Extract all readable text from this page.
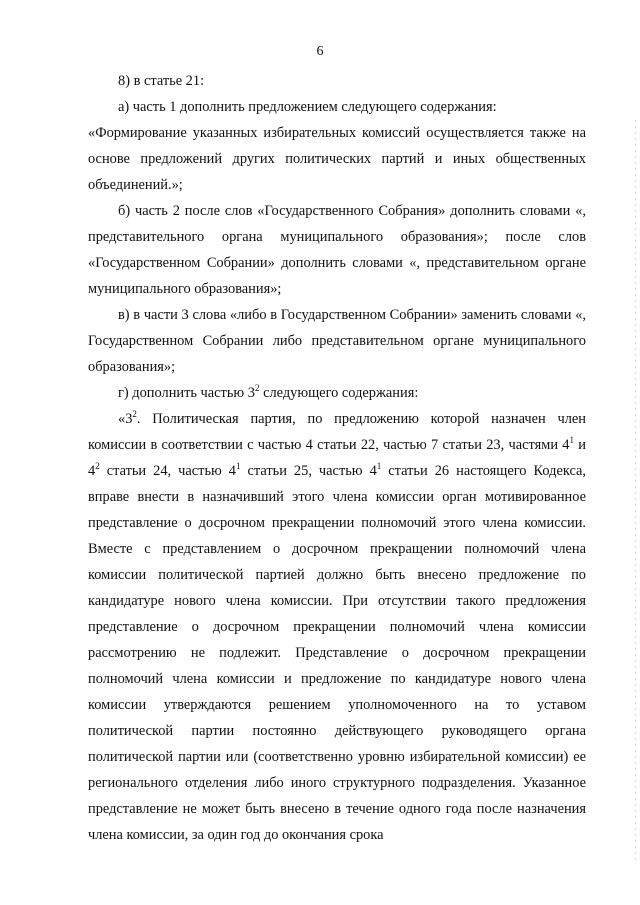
6

8) в статье 21:

а) часть 1 дополнить предложением следующего содержания:

«Формирование указанных избирательных комиссий осуществляется также на основе предложений других политических партий и иных общественных объединений.»;

б) часть 2 после слов «Государственного Собрания» дополнить словами «, представительного органа муниципального образования»; после слов «Государственном Собрании» дополнить словами «, представительном органе муниципального образования»;

в) в части 3 слова «либо в Государственном Собрании» заменить словами «, Государственном Собрании либо представительном органе муниципального образования»;

г) дополнить частью $3^2$ следующего содержания:

«$3^2$. Политическая партия, по предложению которой назначен член комиссии в соответствии с частью 4 статьи 22, частью 7 статьи 23, частями $4^1$ и $4^2$ статьи 24, частью $4^1$ статьи 25, частью $4^1$ статьи 26 настоящего Кодекса, вправе внести в назначивший этого члена комиссии орган мотивированное представление о досрочном прекращении полномочий этого члена комиссии. Вместе с представлением о досрочном прекращении полномочий члена комиссии политической партией должно быть внесено предложение по кандидатуре нового члена комиссии. При отсутствии такого предложения представление о досрочном прекращении полномочий члена комиссии рассмотрению не подлежит. Представление о досрочном прекращении полномочий члена комиссии и предложение по кандидатуре нового члена комиссии утверждаются решением уполномоченного на то уставом политической партии постоянно действующего руководящего органа политической партии или (соответственно уровню избирательной комиссии) ее регионального отделения либо иного структурного подразделения. Указанное представление не может быть внесено в течение одного года после назначения члена комиссии, за один год до окончания срока
